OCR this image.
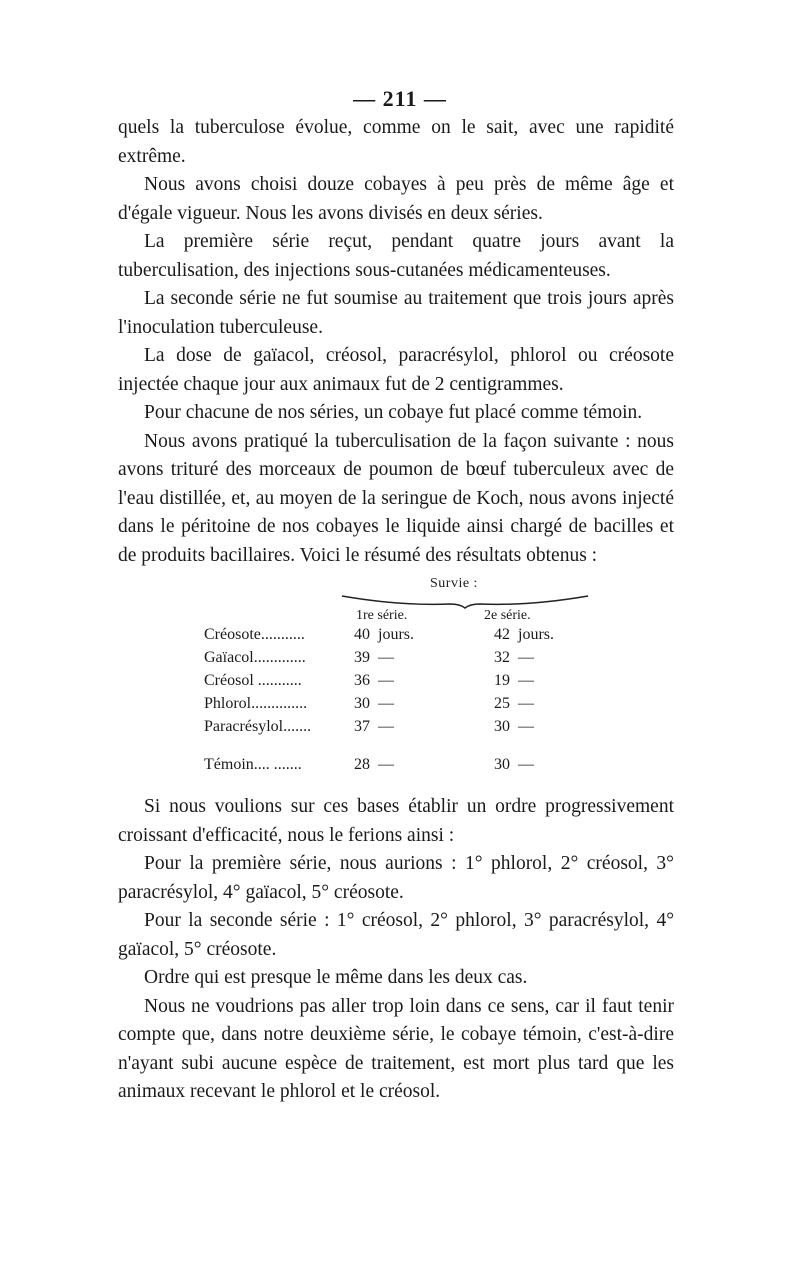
— 211 —

quels la tuberculose évolue, comme on le sait, avec une rapidité extrême.

Nous avons choisi douze cobayes à peu près de même âge et d'égale vigueur. Nous les avons divisés en deux séries.

La première série reçut, pendant quatre jours avant la tuberculisation, des injections sous-cutanées médicamenteuses.

La seconde série ne fut soumise au traitement que trois jours après l'inoculation tuberculeuse.

La dose de gaïacol, créosol, paracrésylol, phlorol ou créosote injectée chaque jour aux animaux fut de 2 centigrammes.

Pour chacune de nos séries, un cobaye fut placé comme témoin.

Nous avons pratiqué la tuberculisation de la façon suivante : nous avons trituré des morceaux de poumon de bœuf tuberculeux avec de l'eau distillée, et, au moyen de la seringue de Koch, nous avons injecté dans le péritoine de nos cobayes le liquide ainsi chargé de bacilles et de produits bacillaires. Voici le résumé des résultats obtenus :

Survie :
1re série.	2e série.
Créosote...........	40 jours.	42 jours.
Gaïacol.............	39 —	32 —
Créosol ...........	36 —	19 —
Phlorol..............	30 —	25 —
Paracrésylol.......	37 —	30 —
Témoin.... .......	28 —	30 —

Si nous voulions sur ces bases établir un ordre progressivement croissant d'efficacité, nous le ferions ainsi :

Pour la première série, nous aurions : 1° phlorol, 2° créosol, 3° paracrésylol, 4° gaïacol, 5° créosote.

Pour la seconde série : 1° créosol, 2° phlorol, 3° paracrésylol, 4° gaïacol, 5° créosote.

Ordre qui est presque le même dans les deux cas.

Nous ne voudrions pas aller trop loin dans ce sens, car il faut tenir compte que, dans notre deuxième série, le cobaye témoin, c'est-à-dire n'ayant subi aucune espèce de traitement, est mort plus tard que les animaux recevant le phlorol et le créosol.
